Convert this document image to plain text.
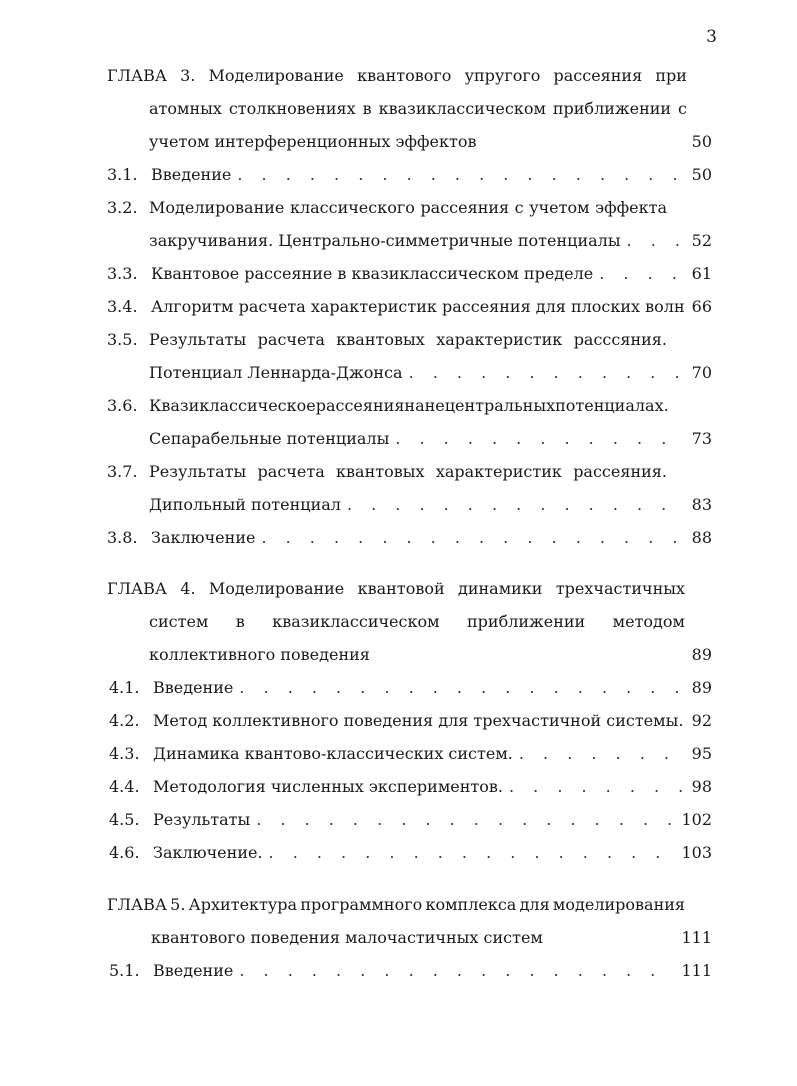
3
ГЛАВА 3. Моделирование квантового упругого рассеяния при
атомных столкновениях в квазиклассическом приближении с
учетом интерференционных эффектов	50
3.1. Введение . . .	50
3.2. Моделирование классического рассеяния с учетом эффекта
закручивания. Центрально-симметричные потенциалы . . .	52
3.3. Квантовое рассеяние в квазиклассическом пределе . . .	61
3.4. Алгоритм расчета характеристик рассеяния для плоских волн 66
3.5. Результаты расчета квантовых характеристик расссяния.
Потенциал Леннарда-Джонса . . .	70
3.6. Квазиклассическое рассеяния на нецентральных потенциалах.
Сепарабельные потенциалы . . .	73
3.7. Результаты расчета квантовых характеристик рассеяния.
Дипольный потенциал . . .	83
3.8. Заключение . . .	88
ГЛАВА 4. Моделирование квантовой динамики трехчастичных
систем в квазиклассическом приближении методом
коллективного поведения	89
4.1. Введение . . .	89
4.2. Метод коллективного поведения для трехчастичной системы. 92
4.3. Динамика квантово-классических систем. . . .	95
4.4. Методология численных экспериментов. . . .	98
4.5. Результаты . . .	102
4.6. Заключение. . . .	103
ГЛАВА 5. Архитектура программного комплекса для моделирования
квантового поведения малочастичных систем	111
5.1. Введение . . .	111
